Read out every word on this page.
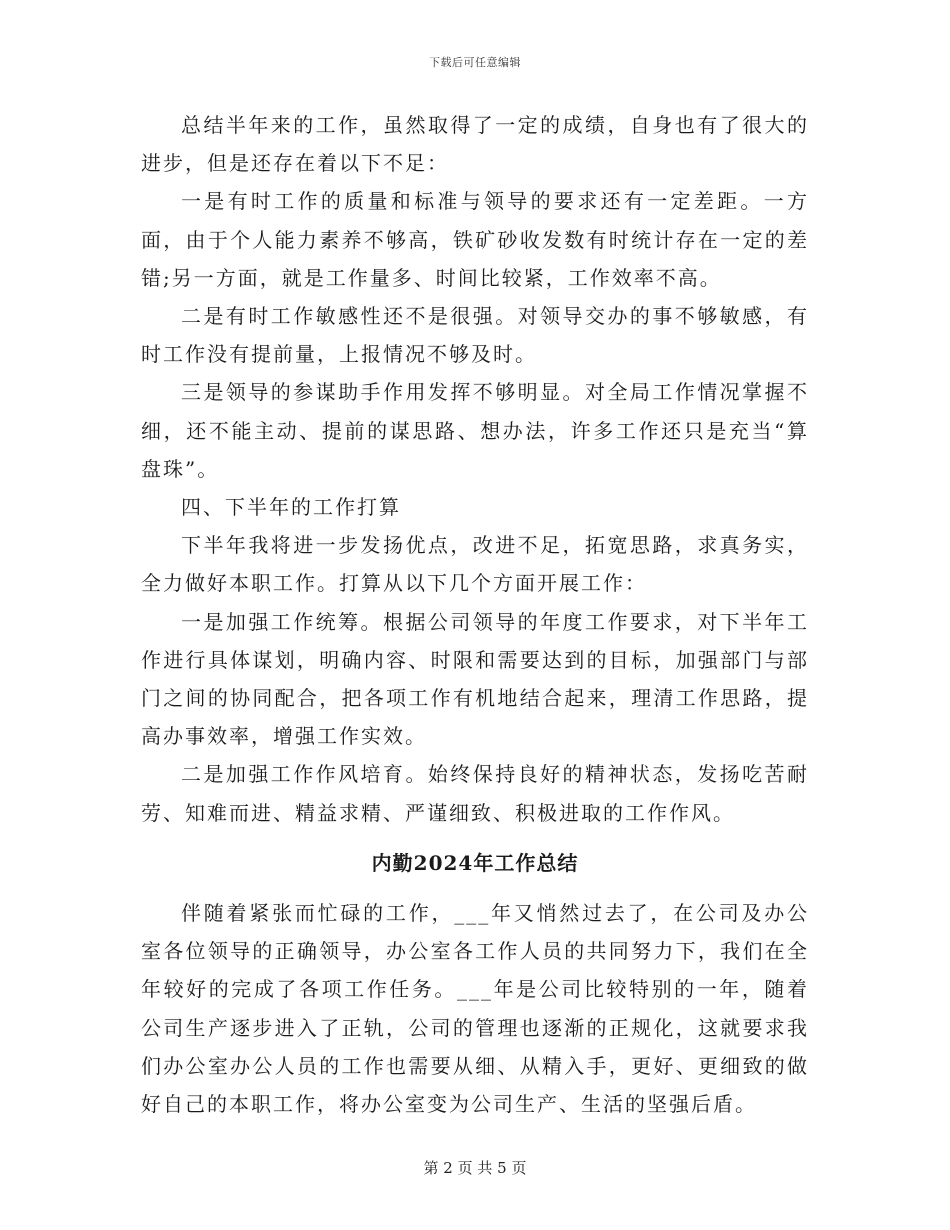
下载后可任意编辑

总结半年来的工作，虽然取得了一定的成绩，自身也有了很大的进步，但是还存在着以下不足：

一是有时工作的质量和标准与领导的要求还有一定差距。一方面，由于个人能力素养不够高，铁矿砂收发数有时统计存在一定的差错;另一方面，就是工作量多、时间比较紧，工作效率不高。

二是有时工作敏感性还不是很强。对领导交办的事不够敏感，有时工作没有提前量，上报情况不够及时。

三是领导的参谋助手作用发挥不够明显。对全局工作情况掌握不细，还不能主动、提前的谋思路、想办法，许多工作还只是充当“算盘珠”。

四、下半年的工作打算

下半年我将进一步发扬优点，改进不足，拓宽思路，求真务实，全力做好本职工作。打算从以下几个方面开展工作：

一是加强工作统筹。根据公司领导的年度工作要求，对下半年工作进行具体谋划，明确内容、时限和需要达到的目标，加强部门与部门之间的协同配合，把各项工作有机地结合起来，理清工作思路，提高办事效率，增强工作实效。

二是加强工作作风培育。始终保持良好的精神状态，发扬吃苦耐劳、知难而进、精益求精、严谨细致、积极进取的工作作风。

内勤2024年工作总结

伴随着紧张而忙碌的工作，___年又悄然过去了，在公司及办公室各位领导的正确领导，办公室各工作人员的共同努力下，我们在全年较好的完成了各项工作任务。___年是公司比较特别的一年，随着公司生产逐步进入了正轨，公司的管理也逐渐的正规化，这就要求我们办公室办公人员的工作也需要从细、从精入手，更好、更细致的做好自己的本职工作，将办公室变为公司生产、生活的坚强后盾。

第 2 页 共 5 页
